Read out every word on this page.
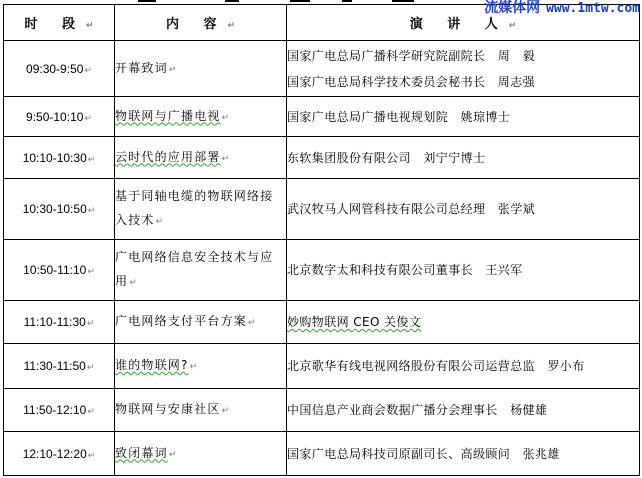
流媒体网 www.1mtw.com
时 段↵	内 容↵	演 讲 人↵
09:30-9:50↵	开幕致词↵	国家广电总局广播科学研究院副院长　周　毅
国家广电总局科学技术委员会秘书长　周志强

9:50-10:10↵	物联网与广播电视↵	国家广电总局广播电视规划院　姚琼博士

10:10-10:30↵	云时代的应用部署↵	东软集团股份有限公司　刘宁宁博士

10:30-10:50↵	基于同轴电缆的物联网络接入技术↵	武汉牧马人网管科技有限公司总经理　张学斌

10:50-11:10↵	广电网络信息安全技术与应用↵	北京数字太和科技有限公司董事长　王兴军

11:10-11:30↵	广电网络支付平台方案↵	妙购物联网 CEO 关俊文

11:30-11:50↵	谁的物联网?↵	北京歌华有线电视网络股份有限公司运营总监　罗小布

11:50-12:10↵	物联网与安康社区↵	中国信息产业商会数据广播分会理事长　杨健雄

12:10-12:20↵	致闭幕词↵	国家广电总局科技司原副司长、高级顾问　张兆雄
